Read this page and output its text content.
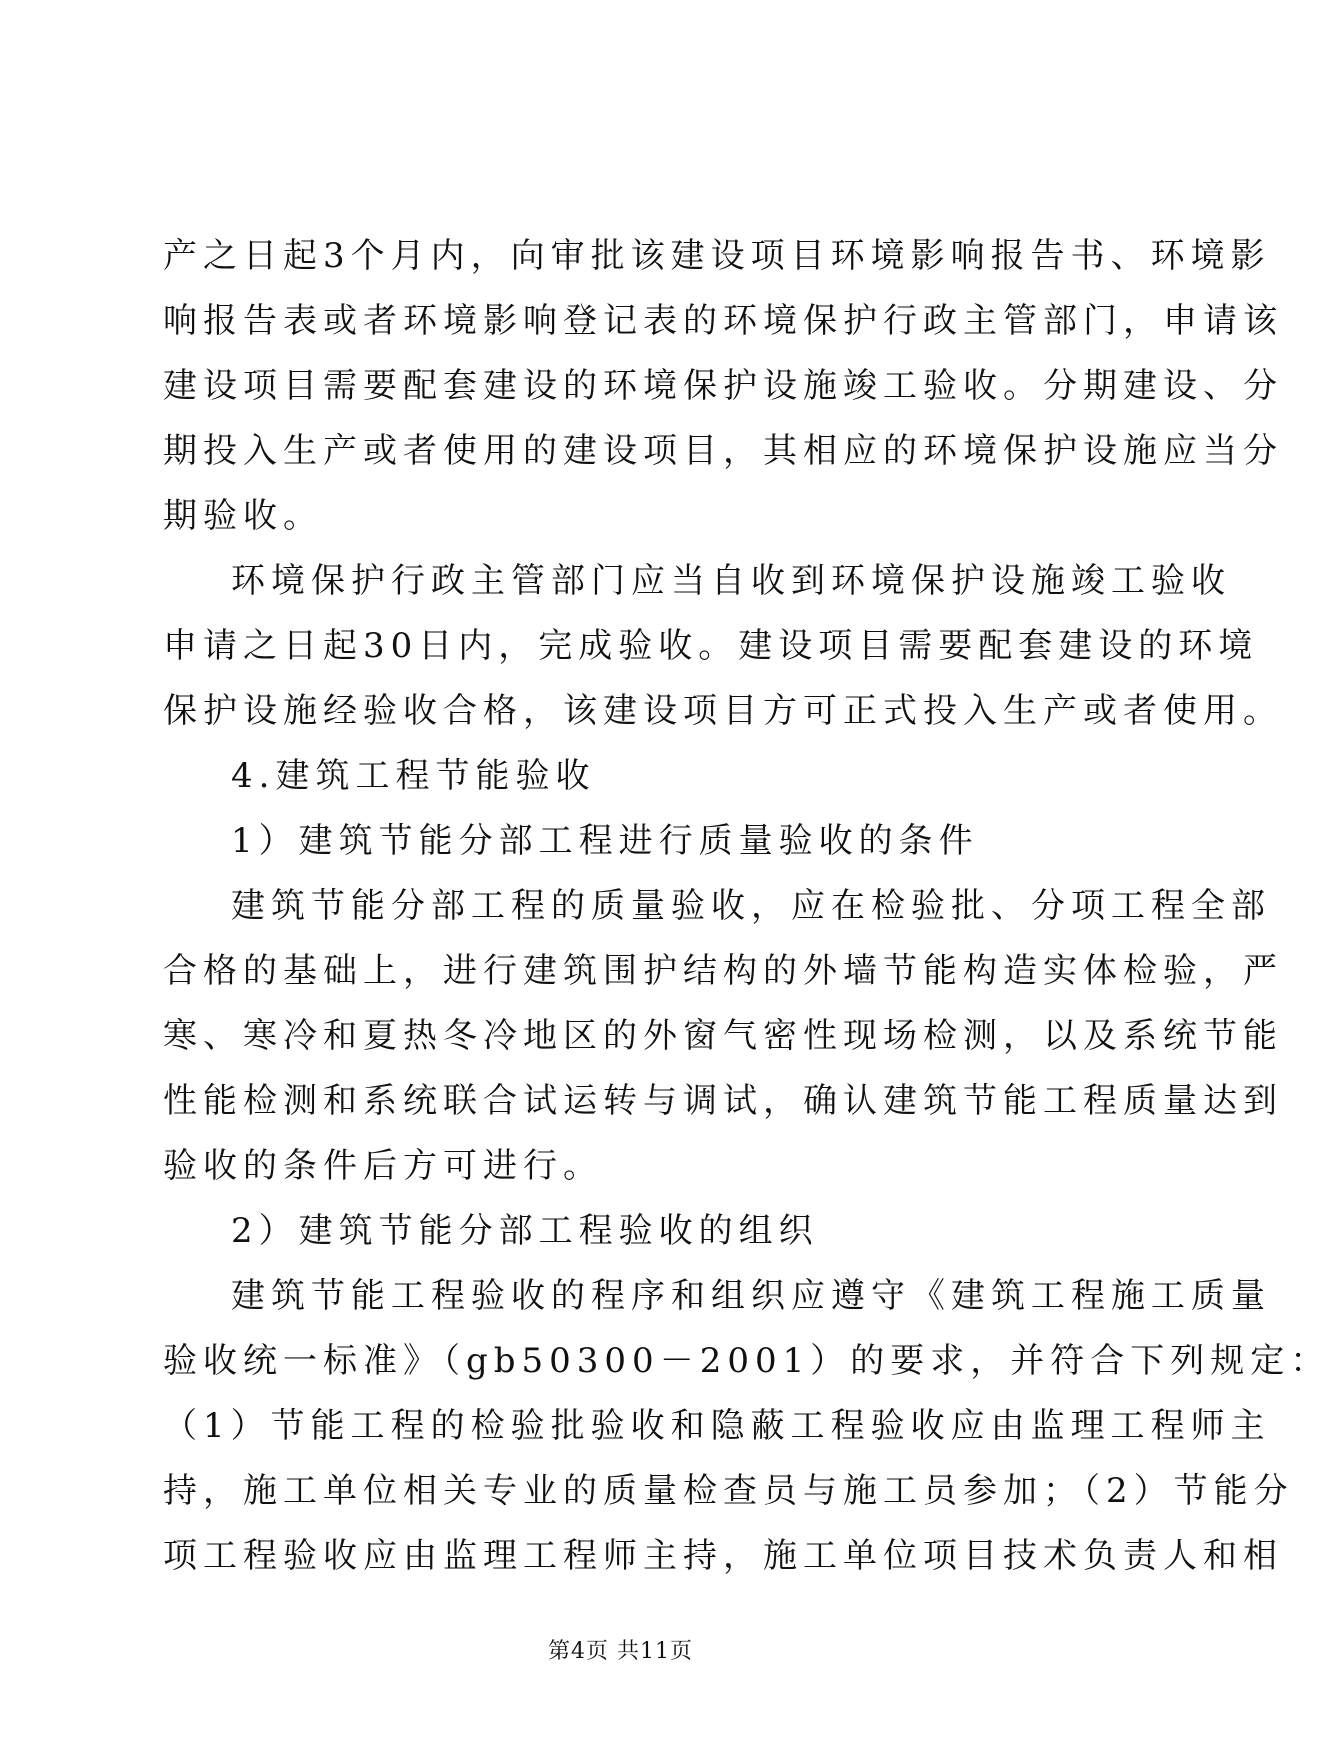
产之日起3个月内，向审批该建设项目环境影响报告书、环境影
响报告表或者环境影响登记表的环境保护行政主管部门，申请该
建设项目需要配套建设的环境保护设施竣工验收。分期建设、分
期投入生产或者使用的建设项目，其相应的环境保护设施应当分
期验收。
环境保护行政主管部门应当自收到环境保护设施竣工验收
申请之日起30日内，完成验收。建设项目需要配套建设的环境
保护设施经验收合格，该建设项目方可正式投入生产或者使用。
4.建筑工程节能验收
1）建筑节能分部工程进行质量验收的条件
建筑节能分部工程的质量验收，应在检验批、分项工程全部
合格的基础上，进行建筑围护结构的外墙节能构造实体检验，严
寒、寒冷和夏热冬冷地区的外窗气密性现场检测，以及系统节能
性能检测和系统联合试运转与调试，确认建筑节能工程质量达到
验收的条件后方可进行。
2）建筑节能分部工程验收的组织
建筑节能工程验收的程序和组织应遵守《建筑工程施工质量
验收统一标准》（gb50300－2001）的要求，并符合下列规定：
（1）节能工程的检验批验收和隐蔽工程验收应由监理工程师主
持，施工单位相关专业的质量检查员与施工员参加；（2）节能分
项工程验收应由监理工程师主持，施工单位项目技术负责人和相
第4页 共11页
